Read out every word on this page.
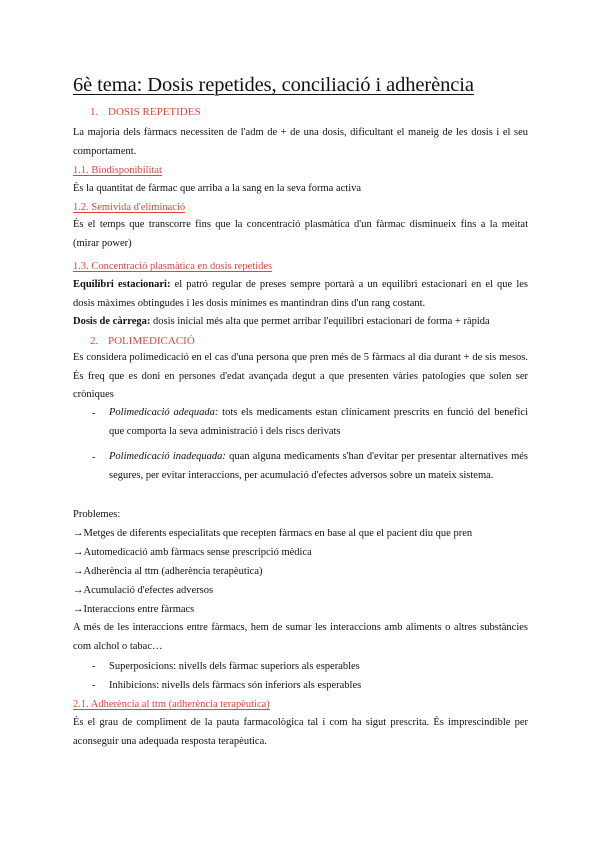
6è tema: Dosis repetides, conciliació i adherència
1. DOSIS REPETIDES

La majoria dels fàrmacs necessiten de l'adm de + de una dosis, dificultant el maneig de les dosis i el seu comportament.

1.1. Biodisponibilitat
És la quantitat de fàrmac que arriba a la sang en la seva forma activa
1.2. Semivida d'eliminació

És el temps que transcorre fins que la concentració plasmàtica d'un fàrmac disminueix fins a la meitat (mirar power)

1.3. Concentració plasmàtica en dosis repetides

Equilibri estacionari: el patró regular de preses sempre portarà a un equilibri estacionari en el que les dosis màximes obtingudes i les dosis mínimes es mantindran dins d'un rang costant.

Dosis de càrrega: dosis inicial més alta que permet arribar l'equilibri estacionari de forma + ràpida
2. POLIMEDICACIÓ

Es considera polimedicació en el cas d'una persona que pren més de 5 fàrmacs al dia durant + de sis mesos. És freq que es doni en persones d'edat avançada degut a que presenten vàries patologies que solen ser cròniques

- Polimedicació adequada: tots els medicaments estan clínicament prescrits en funció del benefici que comporta la seva administració i dels riscs derivats

- Polimedicació inadequada: quan alguna medicaments s'han d'evitar per presentar alternatives més segures, per evitar interaccions, per acumulació d'efectes adversos sobre un mateix sistema.

Problemes:
→Metges de diferents especialitats que recepten fàrmacs en base al que el pacient diu que pren
→Automedicació amb fàrmacs sense prescripció mèdica
→Adherència al ttm (adherència terapèutica)
→Acumulació d'efectes adversos
→Interaccions entre fàrmacs

A més de les interaccions entre fàrmacs, hem de sumar les interaccions amb aliments o altres substàncies com alchol o tabac…

- Superposicions: nivells dels fàrmac superiors als esperables
- Inhibicions: nivells dels fàrmacs són inferiors als esperables
2.1. Adherència al ttm (adherència terapèutica)

És el grau de compliment de la pauta farmacològica tal i com ha sigut prescrita. És imprescindible per aconseguir una adequada resposta terapèutica.
